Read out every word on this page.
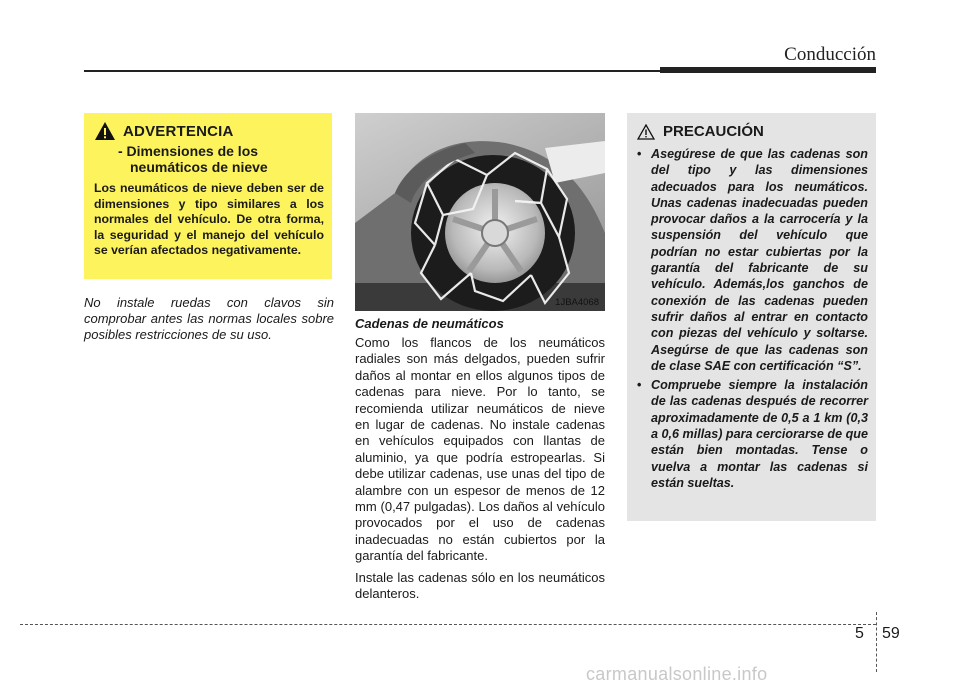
Conducción
ADVERTENCIA
- Dimensiones de los
neumáticos de nieve
Los neumáticos de nieve deben ser de dimensiones y tipo similares a los normales del vehículo. De otra forma, la seguridad y el manejo del vehículo se verían afectados negativamente.
No instale ruedas con clavos sin comprobar antes las normas locales sobre posibles restricciones de su uso.
1JBA4068
Cadenas de neumáticos

Como los flancos de los neumáticos radiales son más delgados, pueden sufrir daños al montar en ellos algunos tipos de cadenas para nieve. Por lo tanto, se recomienda utilizar neumáticos de nieve en lugar de cadenas. No instale cadenas en vehículos equipados con llantas de aluminio, ya que podría estropearlas. Si debe utilizar cadenas, use unas del tipo de alambre con un espesor de menos de 12 mm (0,47 pulgadas). Los daños al vehículo provocados por el uso de cadenas inadecuadas no están cubiertos por la garantía del fabricante.

Instale las cadenas sólo en los neumáticos delanteros.

PRECAUCIÓN
• Asegúrese de que las cadenas son del tipo y las dimensiones adecuados para los neumáticos. Unas cadenas inadecuadas pueden provocar daños a la carrocería y la suspensión del vehículo que podrían no estar cubiertas por la garantía del fabricante de su vehículo. Además,los ganchos de conexión de las cadenas pueden sufrir daños al entrar en contacto con piezas del vehículo y soltarse. Asegúrse de que las cadenas son de clase SAE con certificación “S”.
• Compruebe siempre la instalación de las cadenas después de recorrer aproximadamente de 0,5 a 1 km (0,3 a 0,6 millas) para cerciorarse de que están bien montadas. Tense o vuelva a montar las cadenas si están sueltas.
5 59
carmanualsonline.info
